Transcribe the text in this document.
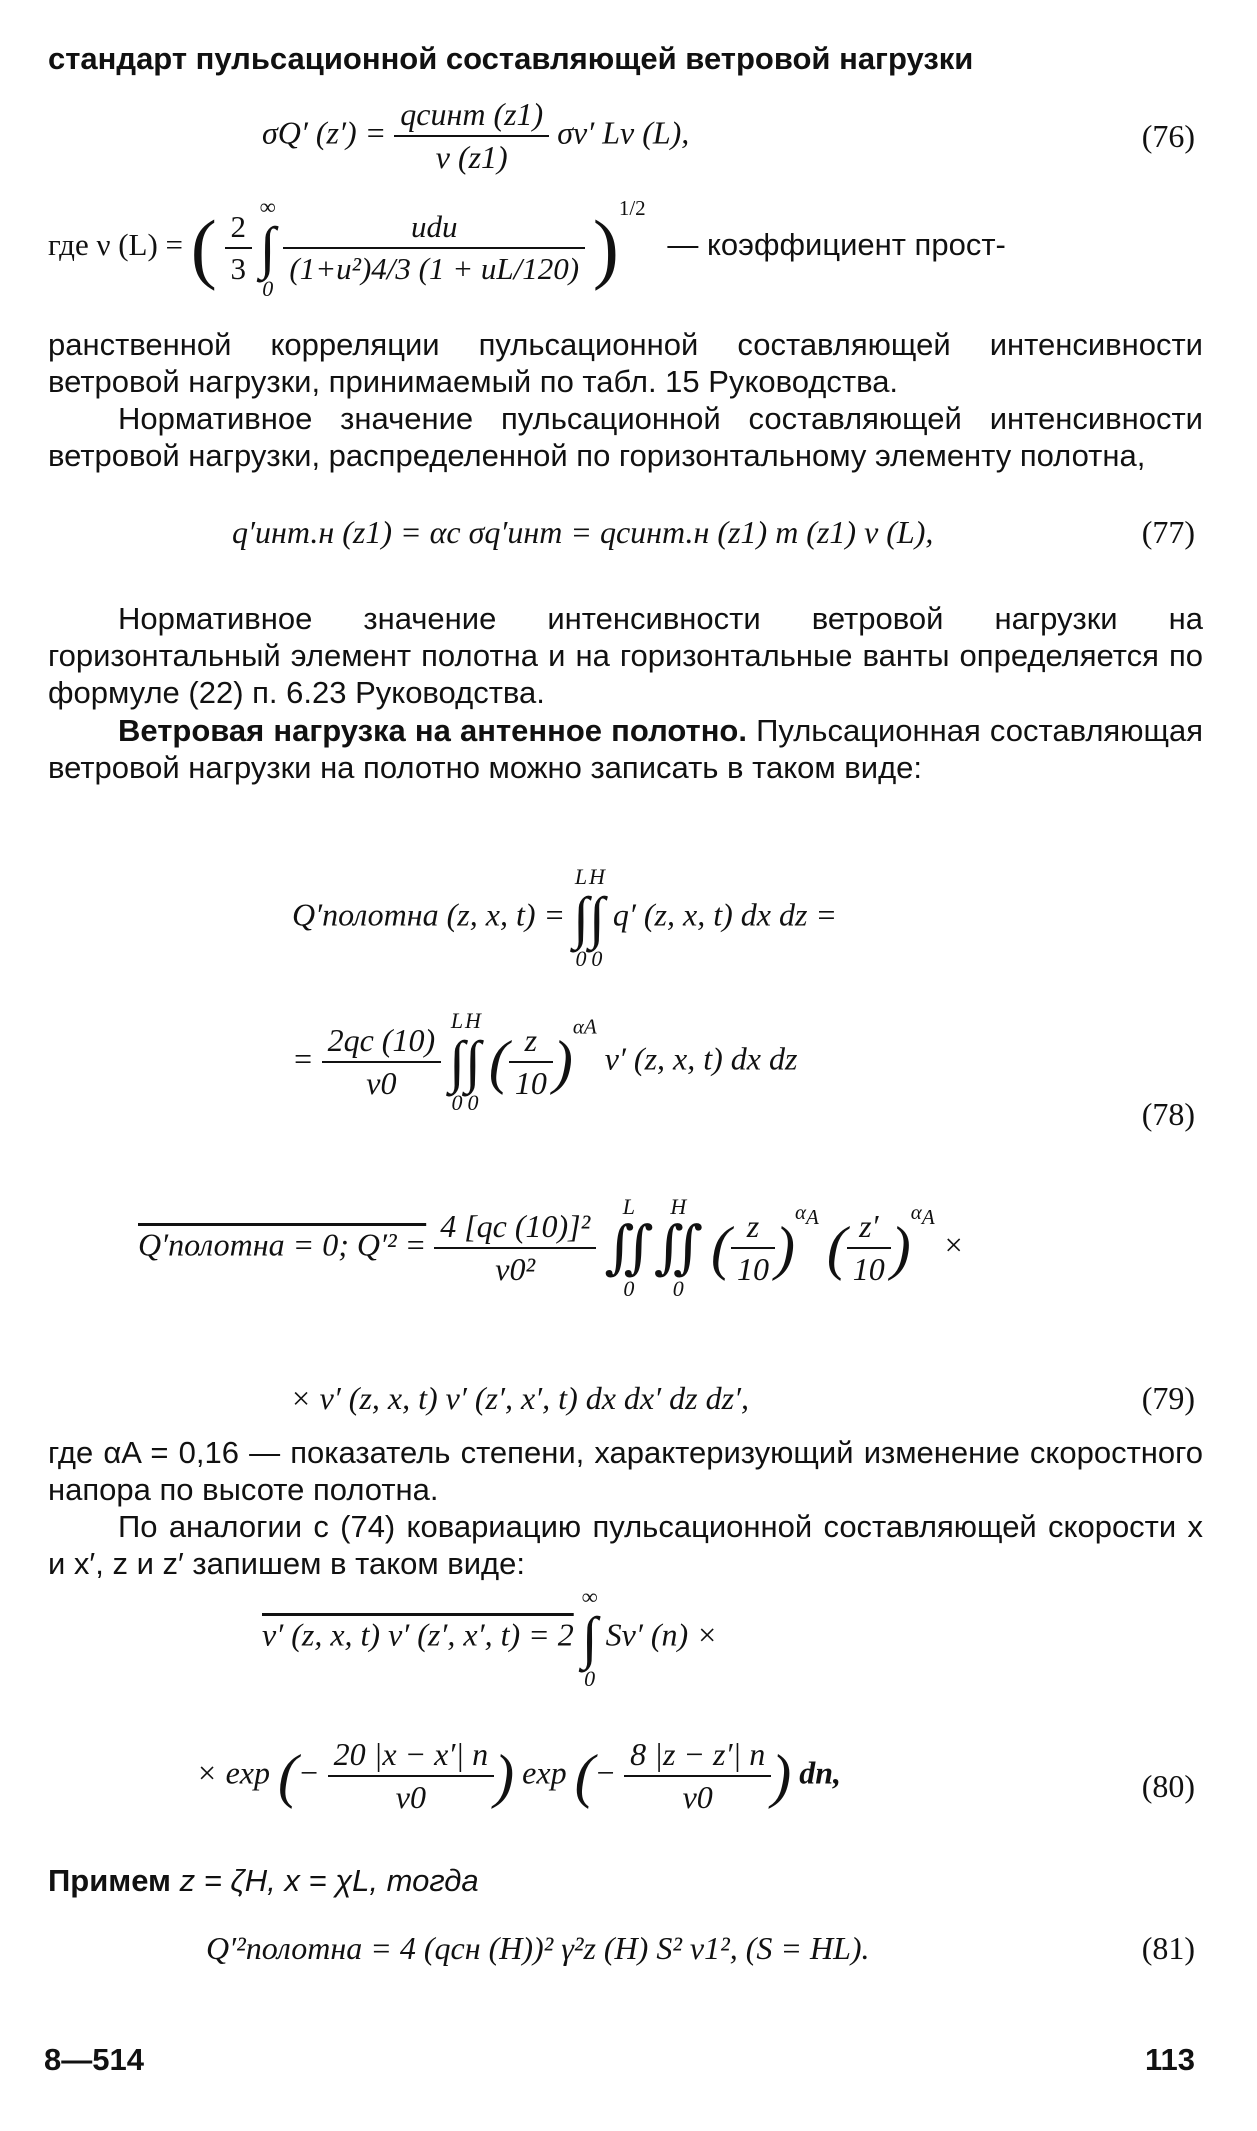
стандарт пульсационной составляющей ветровой нагрузки

σQ′ $(z') = \frac{\text{qcинт (z1)}}{v (z1)} \sigma v'$ Lν (L),	(76)
где ν (L) = ( $\frac{2}{3}$

∞
∫
0

$\frac{\text{udu}}{\text{(1+u²)4/3 (1 + uL/120)}} )^{1/2}$ — коэффициент прост-

ранственной корреляции пульсационной составляющей интенсивности ветровой нагрузки, принимаемый по табл. 15 Руководства.

Нормативное значение пульсационной составляющей интенсивности ветровой нагрузки, распределенной по горизонтальному элементу полотна,

q′инт.н (z1) = αc σq′инт = qcинт.н (z1) m (z1) ν (L),	(77)

Нормативное значение интенсивности ветровой нагрузки на горизонтальный элемент полотна и на горизонтальные ванты определяется по формуле (22) п. 6.23 Руководства.

Ветровая нагрузка на антенное полотно. Пульсационная составляющая ветровой нагрузки на полотно можно записать в таком виде:

Q′полотна (z, x, t) =
L
∫
0
H
∫
0
q′ (z, x, t) dx dz =
= $\frac{2qc (10)}{v0}$

L
∫
0
H
∫
0
( $\frac{z}{10} )^{\alpha A}$ v′ (z, x, t) dx dz
(78)
Q′полотна = 0; $Q'^2 = \frac{\text{4 [qc (10)]²}}{\text{v0²}}$

L
∬
0
H
∬
0
( $\frac{z}{10} )^{\alpha_A}$ ( $\frac{z'}{10} )^{\alpha_A}$ ×
× v′ (z, x, t) v′ (z′, x′, t) dx dx′ dz dz′,	(79)

где αA = 0,16 — показатель степени, характеризующий изменение скоростного напора по высоте полотна.

По аналогии с (74) ковариацию пульсационной составляющей скорости x и x′, z и z′ запишем в таком виде:

v′ (z, x, t) v′ (z′, x′, t) = 2
∞
∫
0
Sv′ (n) ×
× exp (− $\frac{20 |x - x'| n}{v0}$ ) exp (− $\frac{8 |z - z'| n}{v0}$ ) dn,	(80)

Примем z = ζH, x = χL, тогда

Q′²полотна = 4 (qcн (H))² γ²z (H) S² ν1², (S = HL).	(81)
8—514	113
